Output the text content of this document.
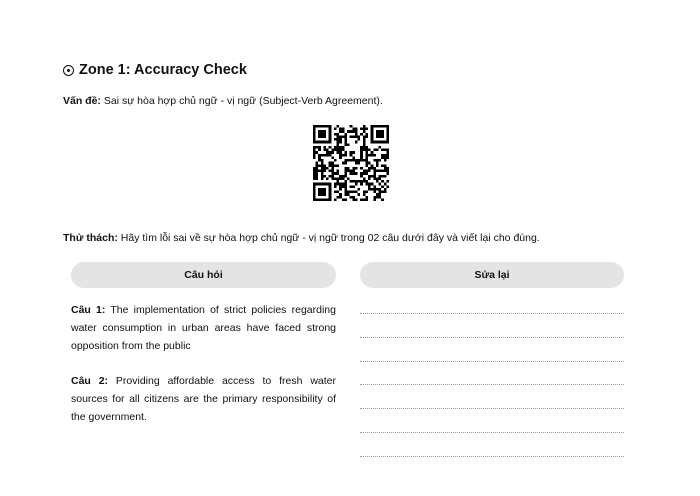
Zone 1: Accuracy Check
Vấn đề: Sai sự hòa hợp chủ ngữ - vị ngữ (Subject-Verb Agreement).
Thử thách: Hãy tìm lỗi sai về sự hòa hợp chủ ngữ - vị ngữ trong 02 câu dưới đây và viết lại cho đúng.
Câu hỏi	Sửa lại
Câu 1: The implementation of strict policies regarding water consumption in urban areas have faced strong opposition from the public
Câu 2: Providing affordable access to fresh water sources for all citizens are the primary responsibility of the government.
